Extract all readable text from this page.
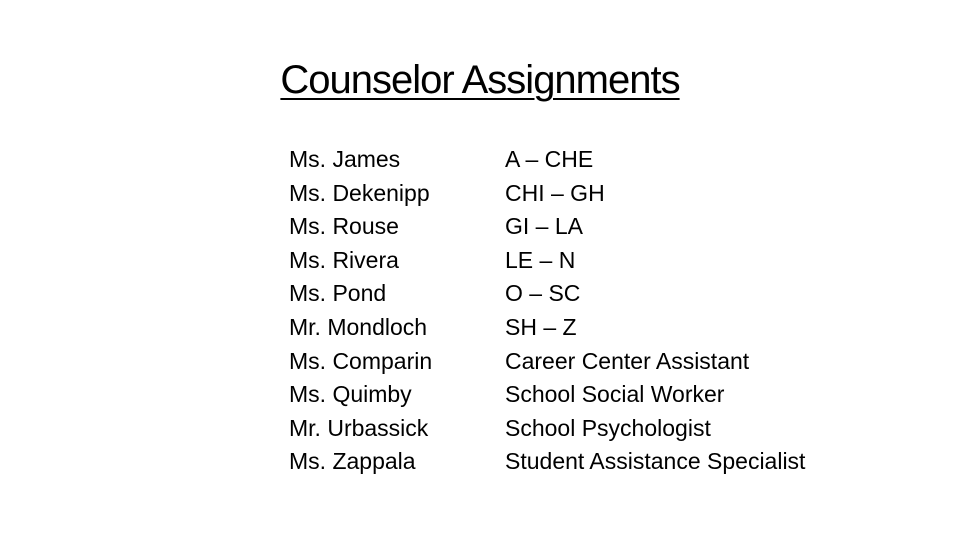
Counselor Assignments
Ms. James
Ms. Dekenipp
Ms. Rouse
Ms. Rivera
Ms. Pond
Mr. Mondloch
Ms. Comparin
Ms. Quimby
Mr. Urbassick
Ms. Zappala
A – CHE
CHI – GH
GI – LA
LE – N
O – SC
SH – Z
Career Center Assistant
School Social Worker
School Psychologist
Student Assistance Specialist
